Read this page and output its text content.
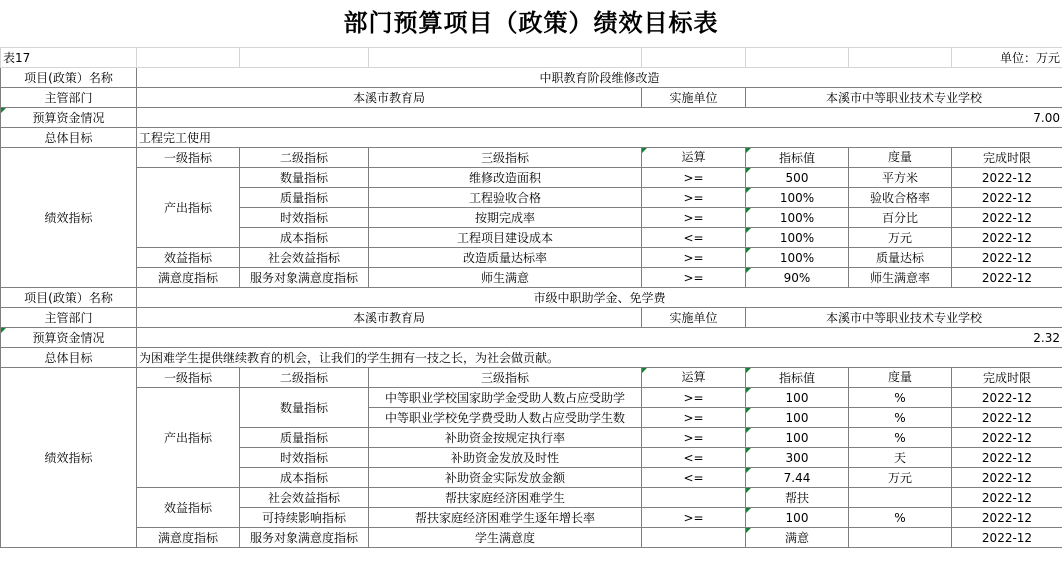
部门预算项目（政策）绩效目标表
表17							单位：万元
项目(政策）名称	中职教育阶段维修改造						
主管部门	本溪市教育局			实施单位	本溪市中等职业技术专业学校		
预算资金情况	7.00						
总体目标	工程完工使用						
绩效指标	一级指标	二级指标	三级指标	运算	指标值	度量	完成时限
	产出指标	数量指标	维修改造面积	>=	500	平方米	2022-12
		质量指标	工程验收合格	>=	100%	验收合格率	2022-12
		时效指标	按期完成率	>=	100%	百分比	2022-12
		成本指标	工程项目建设成本	<=	100%	万元	2022-12
	效益指标	社会效益指标	改造质量达标率	>=	100%	质量达标	2022-12
	满意度指标	服务对象满意度指标	师生满意	>=	90%	师生满意率	2022-12
项目(政策）名称	市级中职助学金、免学费						
主管部门	本溪市教育局			实施单位	本溪市中等职业技术专业学校		
预算资金情况	2.32						
总体目标	为困难学生提供继续教育的机会，让我们的学生拥有一技之长，为社会做贡献。						
绩效指标	一级指标	二级指标	三级指标	运算	指标值	度量	完成时限
	产出指标	数量指标	中等职业学校国家助学金受助人数占应受助学	>=	100	%	2022-12
			中等职业学校免学费受助人数占应受助学生数	>=	100	%	2022-12
		质量指标	补助资金按规定执行率	>=	100	%	2022-12
		时效指标	补助资金发放及时性	<=	300	天	2022-12
		成本指标	补助资金实际发放金额	<=	7.44	万元	2022-12
	效益指标	社会效益指标	帮扶家庭经济困难学生		帮扶		2022-12
		可持续影响指标	帮扶家庭经济困难学生逐年增长率	>=	100	%	2022-12
	满意度指标	服务对象满意度指标	学生满意度		满意		2022-12
